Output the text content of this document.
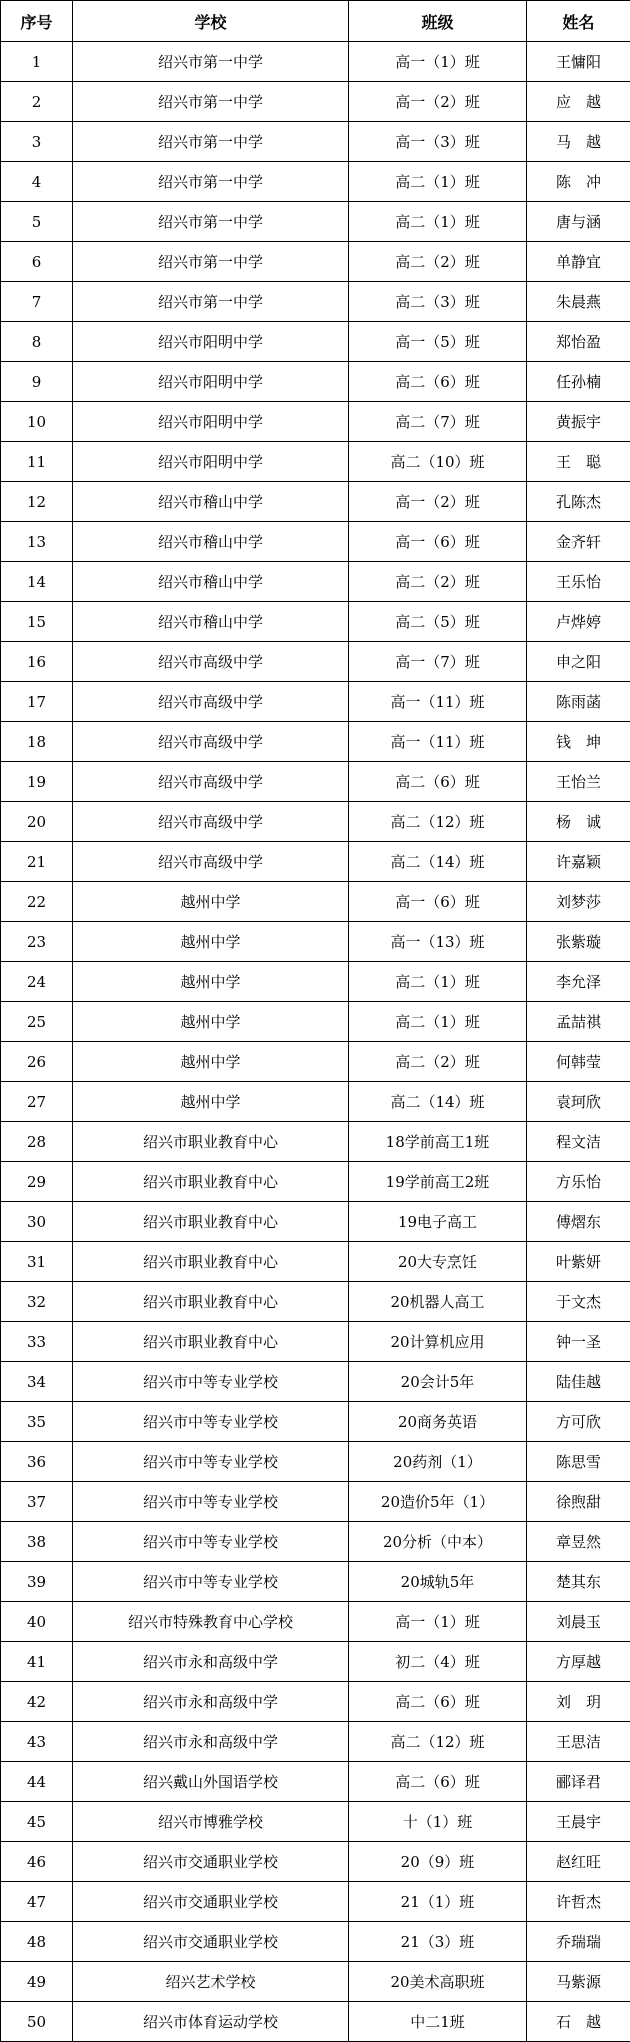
序号	学校	班级	姓名
1	绍兴市第一中学	高一（1）班	王慵阳
2	绍兴市第一中学	高一（2）班	应　越
3	绍兴市第一中学	高一（3）班	马　越
4	绍兴市第一中学	高二（1）班	陈　冲
5	绍兴市第一中学	高二（1）班	唐与涵
6	绍兴市第一中学	高二（2）班	单静宜
7	绍兴市第一中学	高二（3）班	朱晨燕
8	绍兴市阳明中学	高一（5）班	郑怡盈
9	绍兴市阳明中学	高二（6）班	任孙楠
10	绍兴市阳明中学	高二（7）班	黄振宇
11	绍兴市阳明中学	高二（10）班	王　聪
12	绍兴市稽山中学	高一（2）班	孔陈杰
13	绍兴市稽山中学	高一（6）班	金齐轩
14	绍兴市稽山中学	高二（2）班	王乐怡
15	绍兴市稽山中学	高二（5）班	卢烨婷
16	绍兴市高级中学	高一（7）班	申之阳
17	绍兴市高级中学	高一（11）班	陈雨菡
18	绍兴市高级中学	高一（11）班	钱　坤
19	绍兴市高级中学	高二（6）班	王怡兰
20	绍兴市高级中学	高二（12）班	杨　诚
21	绍兴市高级中学	高二（14）班	许嘉颖
22	越州中学	高一（6）班	刘梦莎
23	越州中学	高一（13）班	张紫璇
24	越州中学	高二（1）班	李允泽
25	越州中学	高二（1）班	孟喆祺
26	越州中学	高二（2）班	何韩莹
27	越州中学	高二（14）班	袁珂欣
28	绍兴市职业教育中心	18学前高工1班	程文洁
29	绍兴市职业教育中心	19学前高工2班	方乐怡
30	绍兴市职业教育中心	19电子高工	傅熠东
31	绍兴市职业教育中心	20大专烹饪	叶紫妍
32	绍兴市职业教育中心	20机器人高工	于文杰
33	绍兴市职业教育中心	20计算机应用	钟一圣
34	绍兴市中等专业学校	20会计5年	陆佳越
35	绍兴市中等专业学校	20商务英语	方可欣
36	绍兴市中等专业学校	20药剂（1）	陈思雪
37	绍兴市中等专业学校	20造价5年（1）	徐煦甜
38	绍兴市中等专业学校	20分析（中本）	章昱然
39	绍兴市中等专业学校	20城轨5年	楚其东
40	绍兴市特殊教育中心学校	高一（1）班	刘晨玉
41	绍兴市永和高级中学	初二（4）班	方厚越
42	绍兴市永和高级中学	高二（6）班	刘　玥
43	绍兴市永和高级中学	高二（12）班	王思洁
44	绍兴戴山外国语学校	高二（6）班	郦译君
45	绍兴市博雅学校	十（1）班	王晨宇
46	绍兴市交通职业学校	20（9）班	赵红旺
47	绍兴市交通职业学校	21（1）班	许哲杰
48	绍兴市交通职业学校	21（3）班	乔瑞瑞
49	绍兴艺术学校	20美术高职班	马紫源
50	绍兴市体育运动学校	中二1班	石　越
